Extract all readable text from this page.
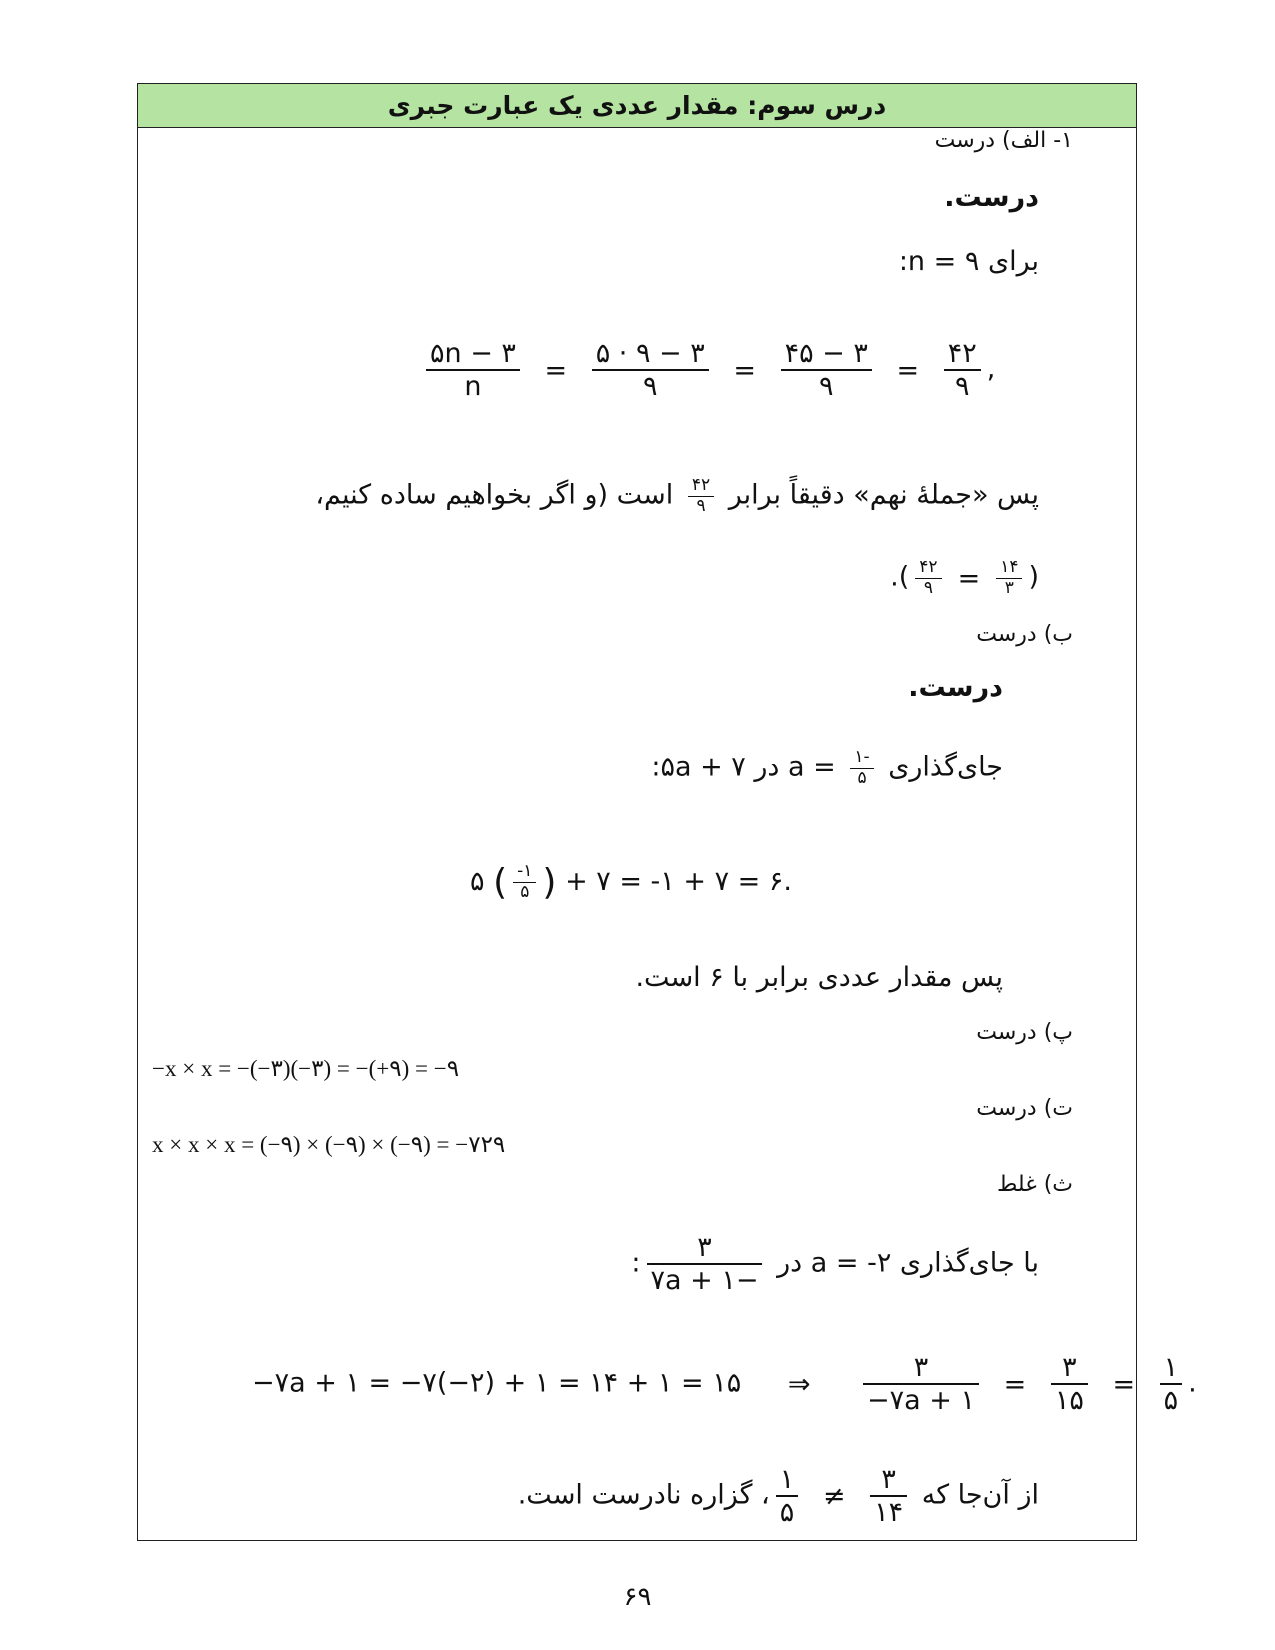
درس سوم: مقدار عددی یک عبارت جبری
۱- الف) درست
درست.
برای ۹ = n:
$\frac{۵n - ۳}{n} = \frac{۵ \cdot ۹ - ۳}{۹} = \frac{۴۵ - ۳}{۹} = \frac{۴۲}{۹}$ ,
پس «جملهٔ نهم» دقیقاً برابر
$\frac{۴۲}{۹}$
است (و اگر بخواهیم ساده کنیم،
(
$\frac{۱۴}{۳}$
=
$\frac{۴۲}{۹}$
).
ب) درست
درست.
جای‌گذاری
$\frac{-۱}{۵}$
= a در ۵a + ۷:
۵ ( $\frac{-۱}{۵}$ ) + ۷ = -۱ + ۷ = ۶.
پس مقدار عددی برابر با ۶ است.
پ) درست
−x × x = −(−۳)(−۳) = −(+۹) = −۹
ت) درست
x × x × x = (−۹) × (−۹) × (−۹) = −۷۲۹
ث) غلط
با جای‌گذاری ۲- = a در
$\frac{۳}{-۷a + ۱}$
:
−۷a + ۱ = −۷(−۲) + ۱ = ۱۴ + ۱ = ۱۵ ⇒ $\frac{۳}{-۷a + ۱} = \frac{۳}{۱۵} = \frac{۱}{۵}$ .
از آن‌جا که
$\frac{۳}{۱۴}$
≠
$\frac{۱}{۵}$
، گزاره نادرست است.
۶۹
